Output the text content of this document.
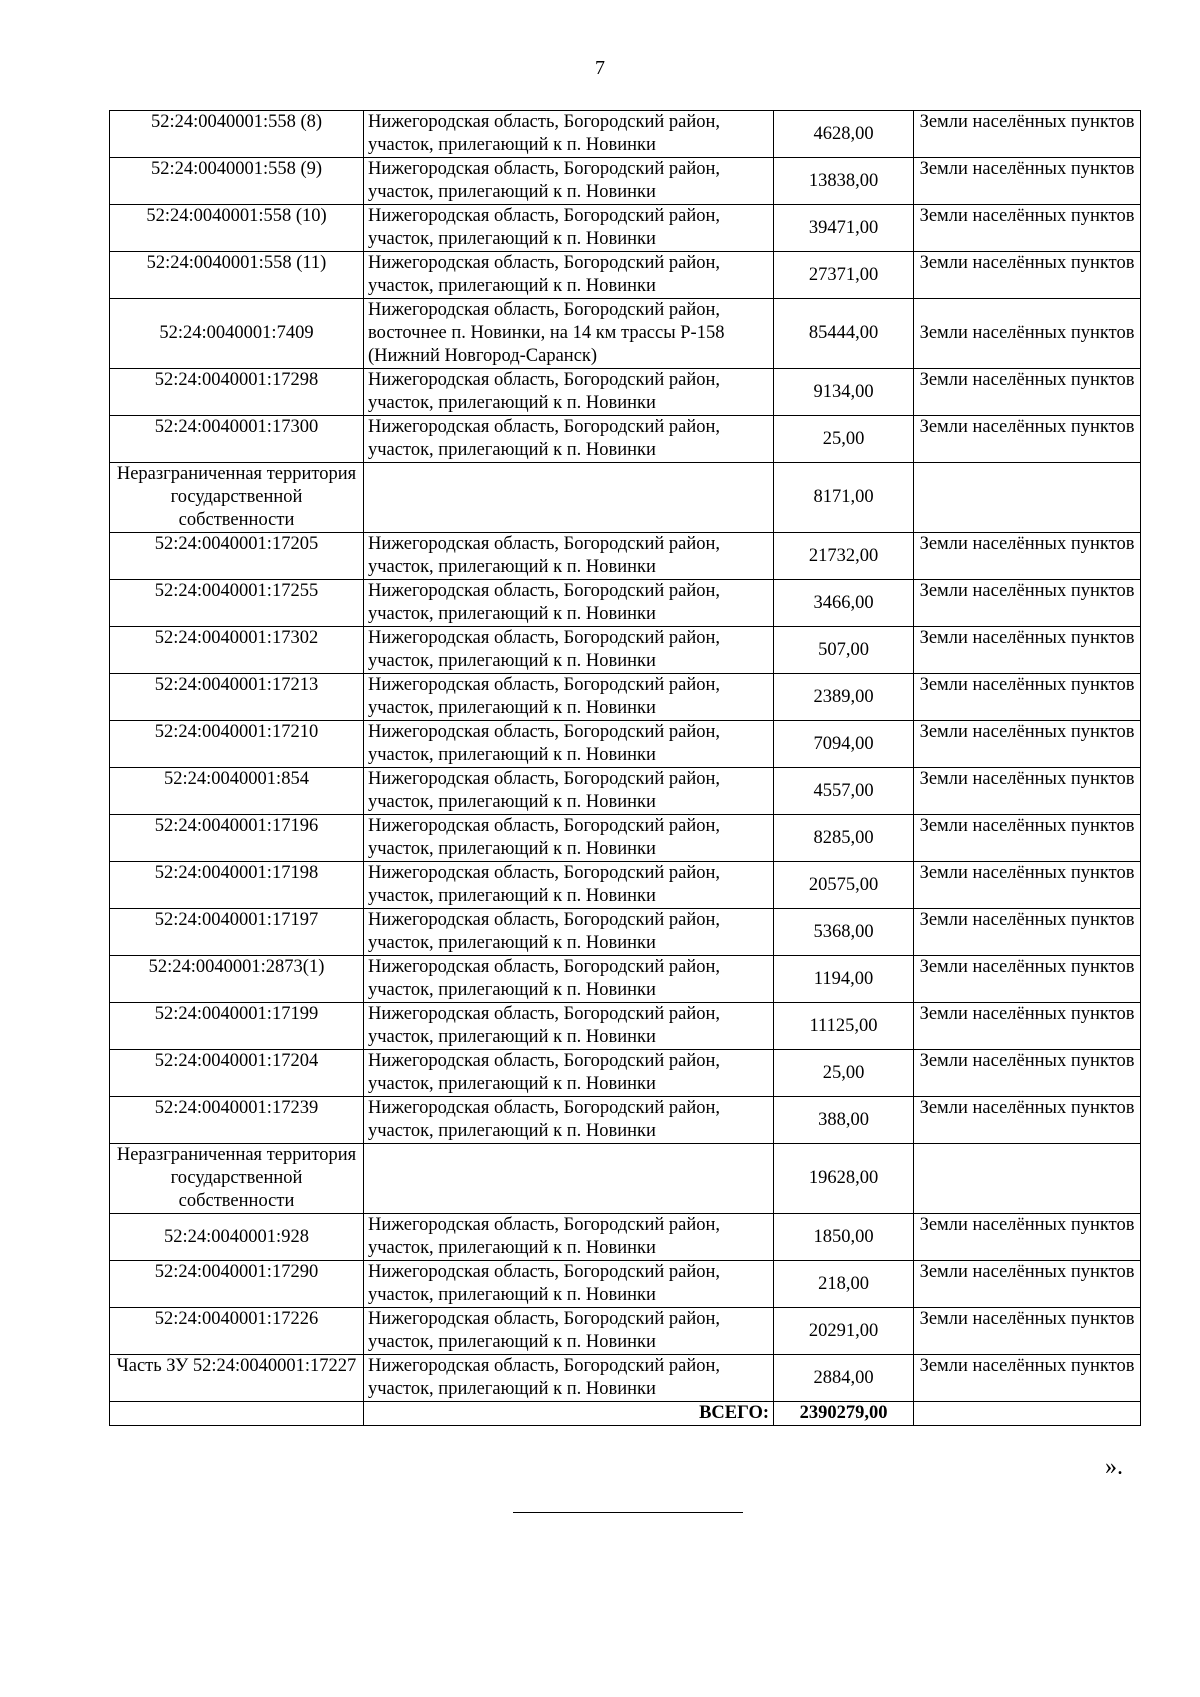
7
52:24:0040001:558 (8)	Нижегородская область, Богородский район, участок, прилегающий к п. Новинки	4628,00	Земли населённых пунктов
52:24:0040001:558 (9)	Нижегородская область, Богородский район, участок, прилегающий к п. Новинки	13838,00	Земли населённых пунктов
52:24:0040001:558 (10)	Нижегородская область, Богородский район, участок, прилегающий к п. Новинки	39471,00	Земли населённых пунктов
52:24:0040001:558 (11)	Нижегородская область, Богородский район, участок, прилегающий к п. Новинки	27371,00	Земли населённых пунктов
52:24:0040001:7409	Нижегородская область, Богородский район, восточнее п. Новинки, на 14 км трассы Р-158 (Нижний Новгород-Саранск)	85444,00	Земли населённых пунктов
52:24:0040001:17298	Нижегородская область, Богородский район, участок, прилегающий к п. Новинки	9134,00	Земли населённых пунктов
52:24:0040001:17300	Нижегородская область, Богородский район, участок, прилегающий к п. Новинки	25,00	Земли населённых пунктов
Неразграниченная территория государственной собственности		8171,00	
52:24:0040001:17205	Нижегородская область, Богородский район, участок, прилегающий к п. Новинки	21732,00	Земли населённых пунктов
52:24:0040001:17255	Нижегородская область, Богородский район, участок, прилегающий к п. Новинки	3466,00	Земли населённых пунктов
52:24:0040001:17302	Нижегородская область, Богородский район, участок, прилегающий к п. Новинки	507,00	Земли населённых пунктов
52:24:0040001:17213	Нижегородская область, Богородский район, участок, прилегающий к п. Новинки	2389,00	Земли населённых пунктов
52:24:0040001:17210	Нижегородская область, Богородский район, участок, прилегающий к п. Новинки	7094,00	Земли населённых пунктов
52:24:0040001:854	Нижегородская область, Богородский район, участок, прилегающий к п. Новинки	4557,00	Земли населённых пунктов
52:24:0040001:17196	Нижегородская область, Богородский район, участок, прилегающий к п. Новинки	8285,00	Земли населённых пунктов
52:24:0040001:17198	Нижегородская область, Богородский район, участок, прилегающий к п. Новинки	20575,00	Земли населённых пунктов
52:24:0040001:17197	Нижегородская область, Богородский район, участок, прилегающий к п. Новинки	5368,00	Земли населённых пунктов
52:24:0040001:2873(1)	Нижегородская область, Богородский район, участок, прилегающий к п. Новинки	1194,00	Земли населённых пунктов
52:24:0040001:17199	Нижегородская область, Богородский район, участок, прилегающий к п. Новинки	11125,00	Земли населённых пунктов
52:24:0040001:17204	Нижегородская область, Богородский район, участок, прилегающий к п. Новинки	25,00	Земли населённых пунктов
52:24:0040001:17239	Нижегородская область, Богородский район, участок, прилегающий к п. Новинки	388,00	Земли населённых пунктов
Неразграниченная территория государственной собственности		19628,00	
52:24:0040001:928	Нижегородская область, Богородский район, участок, прилегающий к п. Новинки	1850,00	Земли населённых пунктов
52:24:0040001:17290	Нижегородская область, Богородский район, участок, прилегающий к п. Новинки	218,00	Земли населённых пунктов
52:24:0040001:17226	Нижегородская область, Богородский район, участок, прилегающий к п. Новинки	20291,00	Земли населённых пунктов
Часть ЗУ 52:24:0040001:17227	Нижегородская область, Богородский район, участок, прилегающий к п. Новинки	2884,00	Земли населённых пунктов
	ВСЕГО:	2390279,00	
».
